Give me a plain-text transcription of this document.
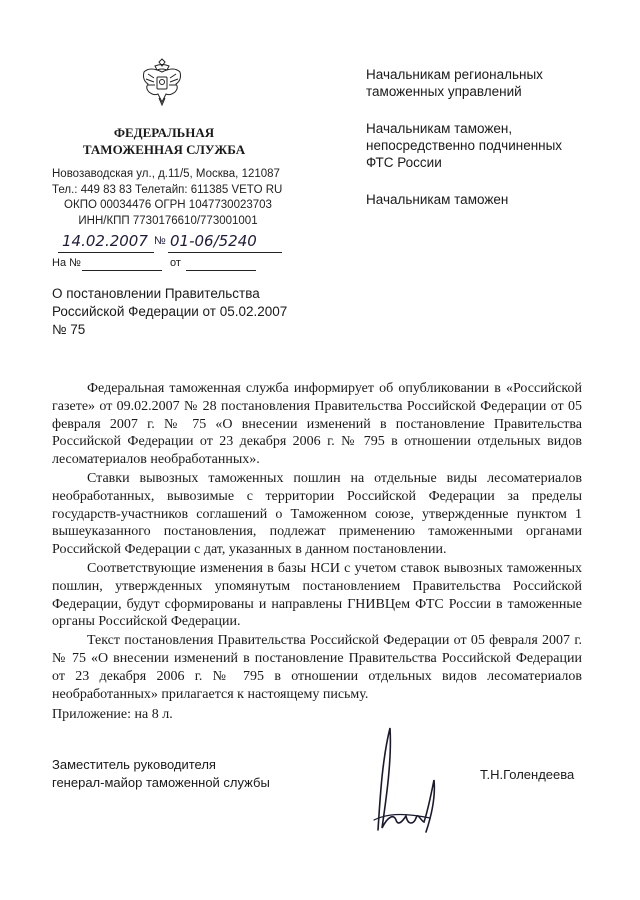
ФЕДЕРАЛЬНАЯ
ТАМОЖЕННАЯ СЛУЖБА
Новозаводская ул., д.11/5, Москва, 121087
Тел.: 449 83 83 Телетайп: 611385 VETO RU
ОКПО 00034476 ОГРН 1047730023703
ИНН/КПП 7730176610/773001001
14.02.2007 № 01-06/5240
На №	от
Начальникам региональных таможенных управлений
Начальникам таможен, непосредственно подчиненных ФТС России
Начальникам таможен
О постановлении Правительства Российской Федерации от 05.02.2007 № 75

Федеральная таможенная служба информирует об опубликовании в «Российской газете» от 09.02.2007 № 28 постановления Правительства Российской Федерации от 05 февраля 2007 г. № 75 «О внесении изменений в постановление Правительства Российской Федерации от 23 декабря 2006 г. № 795 в отношении отдельных видов лесоматериалов необработанных».

Ставки вывозных таможенных пошлин на отдельные виды лесоматериалов необработанных, вывозимые с территории Российской Федерации за пределы государств-участников соглашений о Таможенном союзе, утвержденные пунктом 1 вышеуказанного постановления, подлежат применению таможенными органами Российской Федерации с дат, указанных в данном постановлении.

Соответствующие изменения в базы НСИ с учетом ставок вывозных таможенных пошлин, утвержденных упомянутым постановлением Правительства Российской Федерации, будут сформированы и направлены ГНИВЦем ФТС России в таможенные органы Российской Федерации.

Текст постановления Правительства Российской Федерации от 05 февраля 2007 г. № 75 «О внесении изменений в постановление Правительства Российской Федерации от 23 декабря 2006 г. № 795 в отношении отдельных видов лесоматериалов необработанных» прилагается к настоящему письму.

Приложение: на 8 л.
Заместитель руководителя
генерал-майор таможенной службы
Т.Н.Голендеева
